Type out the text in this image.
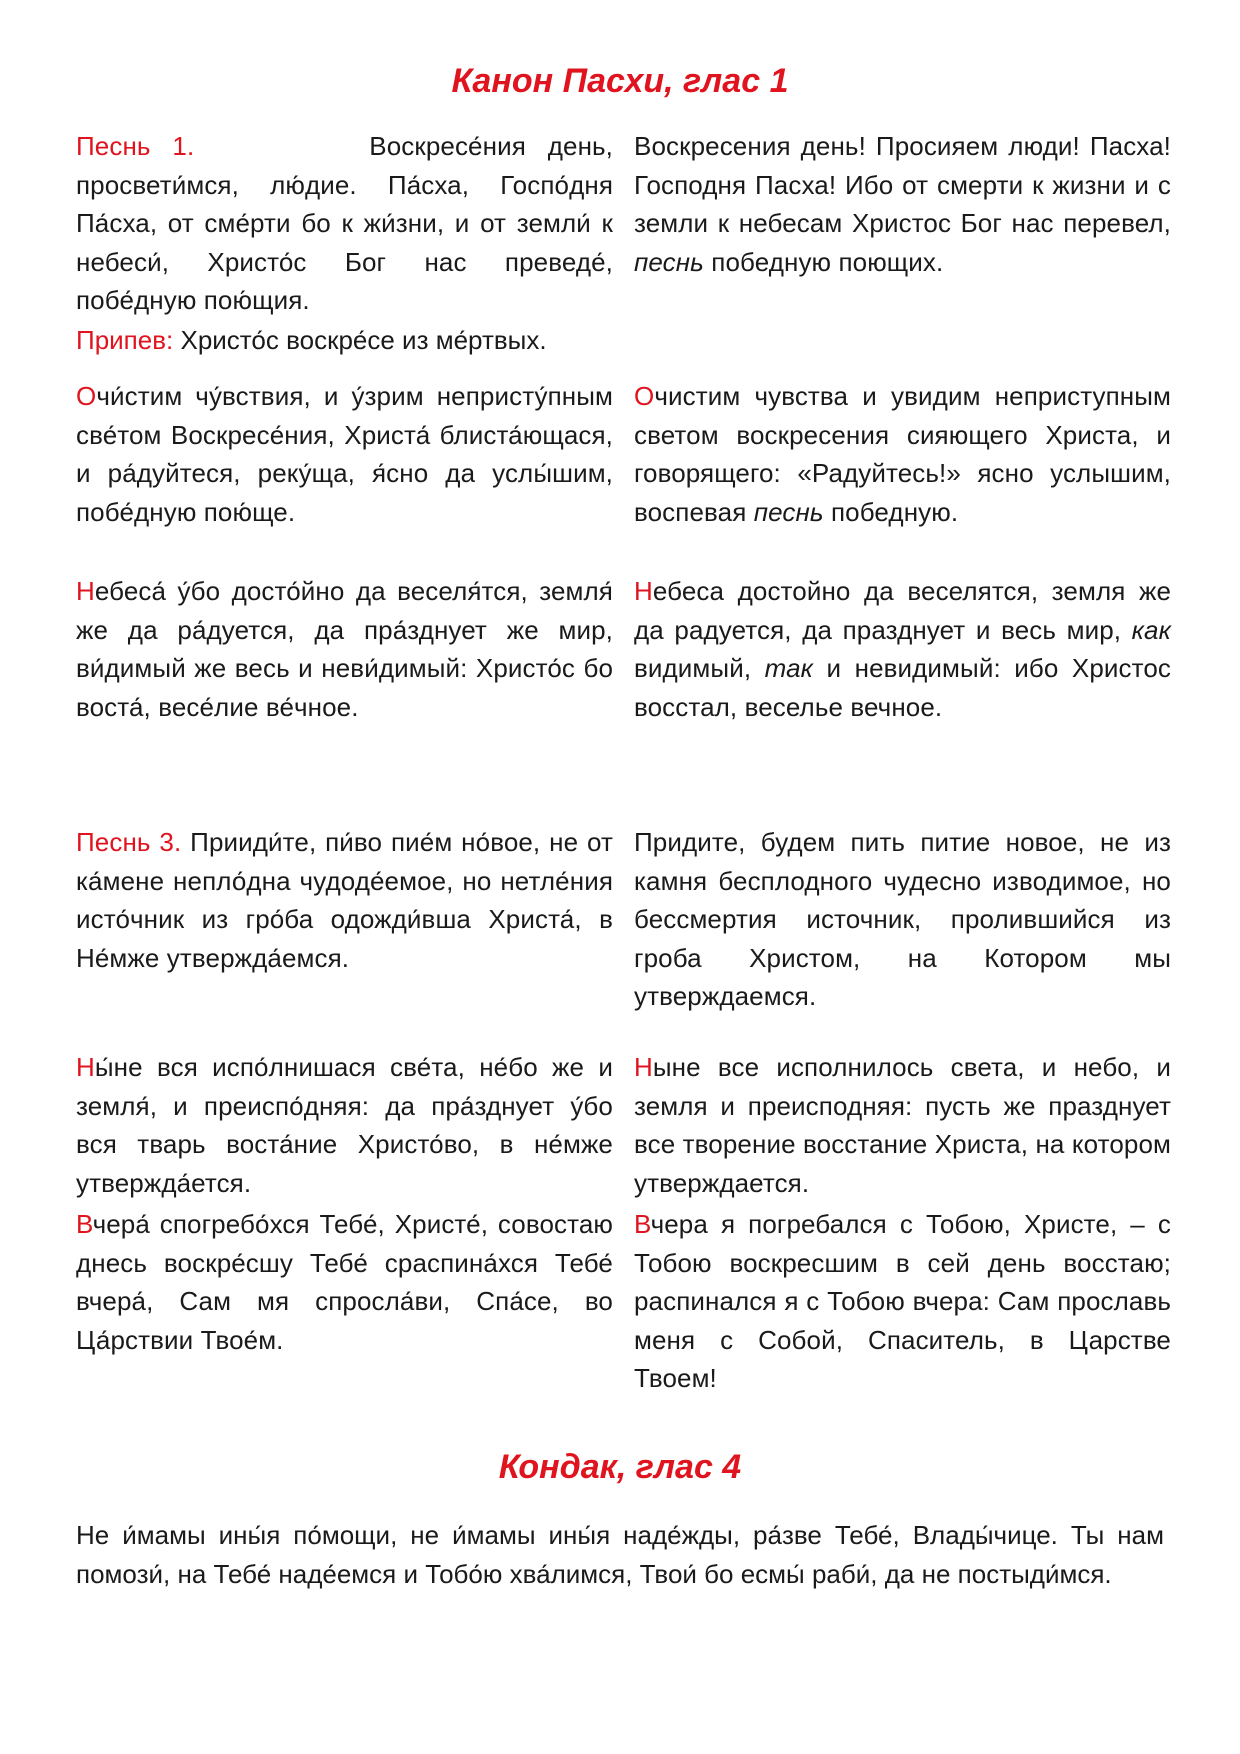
Канон Пасхи, глас 1
Песнь 1.	Воскресе́ния день, просвети́мся, лю́дие. Па́сха, Госпо́дня Па́сха, от сме́рти бо к жи́зни, и от земли́ к небеси́, Христо́с Бог нас преведе́, побе́дную пою́щия.
Воскресения день! Просияем люди! Пасха! Господня Пасха! Ибо от смерти к жизни и с земли к небесам Христос Бог нас перевел, песнь победную поющих.
Припев: Христо́с воскре́се из ме́ртвых.
Очи́стим чу́вствия, и у́зрим непристу́пным све́том Воскресе́ния, Христа́ блиста́ющася, и ра́дуйтеся, реку́ща, я́сно да услы́шим, побе́дную пою́ще.
Очистим чувства и увидим неприступным светом воскресения сияющего Христа, и говорящего: «Радуйтесь!» ясно услышим, воспевая песнь победную.
Небеса́ у́бо досто́йно да веселя́тся, земля́ же да ра́дуется, да пра́зднует же мир, ви́димый же весь и неви́димый: Христо́с бо воста́, весе́лие ве́чное.
Небеса достойно да веселятся, земля же да радуется, да празднует и весь мир, как видимый, так и невидимый: ибо Христос восстал, веселье вечное.
Песнь 3. Прииди́те, пи́во пие́м но́вое, не от ка́мене непло́дна чудоде́емое, но нетле́ния исто́чник из гро́ба одожди́вша Христа́, в Не́мже утвержда́емся.
Придите, будем пить питие новое, не из камня бесплодного чудесно изводимое, но бессмертия источник, пролившийся из гроба Христом, на Котором мы утверждаемся.
Ны́не вся испо́лнишася све́та, не́бо же и земля́, и преиспо́дняя: да пра́зднует у́бо вся тварь воста́ние Христо́во, в не́мже утвержда́ется.
Ныне все исполнилось света, и небо, и земля и преисподняя: пусть же празднует все творение восстание Христа, на котором утверждается.
Вчера́ спогребо́хся Тебе́, Христе́, совостаю днесь воскре́сшу Тебе́ сраспина́хся Тебе́ вчера́, Сам мя спросла́ви, Спа́се, во Ца́рствии Твое́м.
Вчера я погребался с Тобою, Христе, – с Тобою воскресшим в сей день восстаю; распинался я с Тобою вчера: Сам прославь меня с Собой, Спаситель, в Царстве Твоем!
Кондак, глас 4
Не и́мамы ины́я по́мощи, не и́мамы ины́я наде́жды, ра́зве Тебе́, Влады́чице. Ты нам помози́, на Тебе́ наде́емся и Тобо́ю хва́лимся, Твои́ бо есмы́ раби́, да не постыди́мся.
